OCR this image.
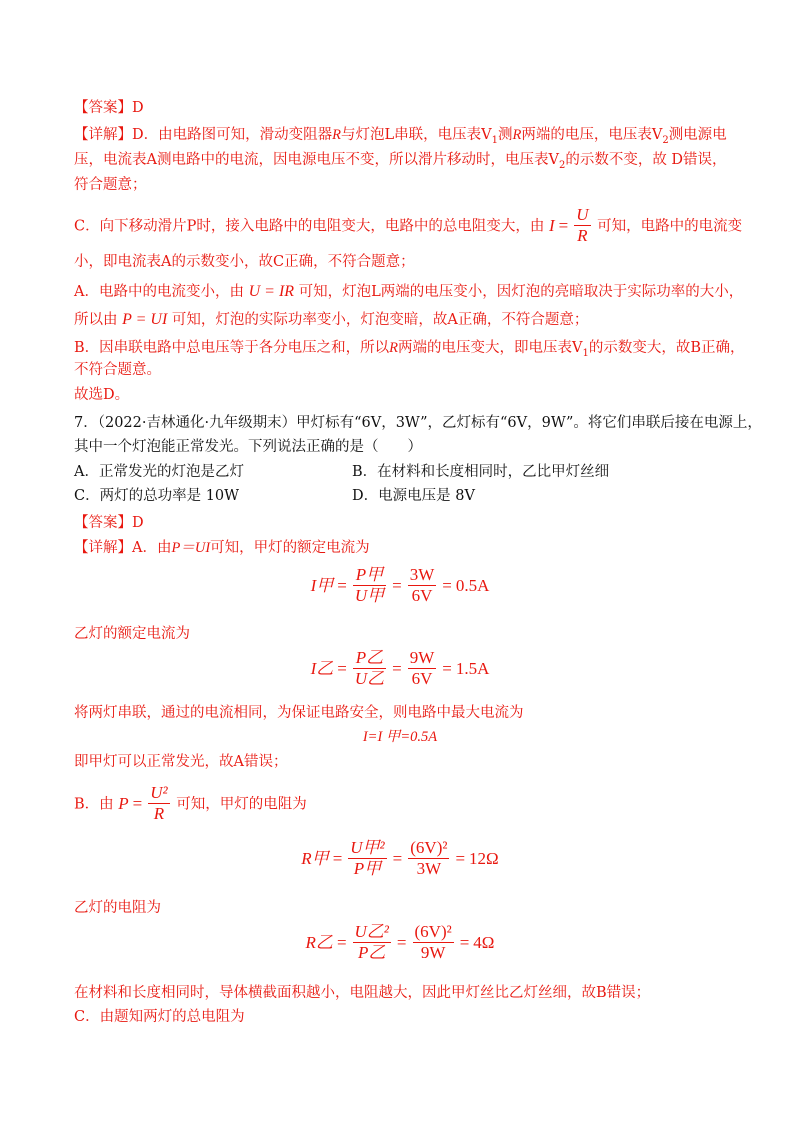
【答案】D
【详解】D．由电路图可知，滑动变阻器R与灯泡L串联，电压表$V_1$测R两端的电压，电压表$V_2$测电源电
压，电流表A测电路中的电流，因电源电压不变，所以滑片移动时，电压表$V_2$的示数不变，故 D错误，
符合题意；
C．向下移动滑片P时，接入电路中的电阻变大，电路中的总电阻变大，由 $I = \frac{U}{R}$ 可知，电路中的电流变
小，即电流表A的示数变小，故C正确，不符合题意；
A．电路中的电流变小，由 U = IR 可知，灯泡L两端的电压变小，因灯泡的亮暗取决于实际功率的大小，
所以由 P = UI 可知，灯泡的实际功率变小，灯泡变暗，故A正确，不符合题意；
B．因串联电路中总电压等于各分电压之和，所以R两端的电压变大，即电压表$V_1$的示数变大，故B正确，
不符合题意。
故选D。
7．（2022·吉林通化·九年级期末）甲灯标有“6V，3W”，乙灯标有“6V，9W”。将它们串联后接在电源上，
其中一个灯泡能正常发光。下列说法正确的是（　　）
A．正常发光的灯泡是乙灯	B．在材料和长度相同时，乙比甲灯丝细
C．两灯的总功率是 10W	D．电源电压是 8V
【答案】D
【详解】A．由P＝UI可知，甲灯的额定电流为
I甲 = $\frac{\text{P甲}}{\text{U甲}} = \frac{3W}{6V} = 0.5A$
乙灯的额定电流为
I乙 = $\frac{\text{P乙}}{\text{U乙}} = \frac{9W}{6V} = 1.5A$
将两灯串联，通过的电流相同，为保证电路安全，则电路中最大电流为
I=I 甲=0.5A
即甲灯可以正常发光，故A错误；
B．由 $P = \frac{\text{U²}}{R}$ 可知，甲灯的电阻为
R甲 = $\frac{\text{U甲²}}{\text{P甲}} = \frac{\text{(6V)²}}{3W} = 12\Omega$
乙灯的电阻为
R乙 = $\frac{\text{U乙²}}{\text{P乙}} = \frac{\text{(6V)²}}{9W} = 4\Omega$
在材料和长度相同时，导体横截面积越小，电阻越大，因此甲灯丝比乙灯丝细，故B错误；
C．由题知两灯的总电阻为
